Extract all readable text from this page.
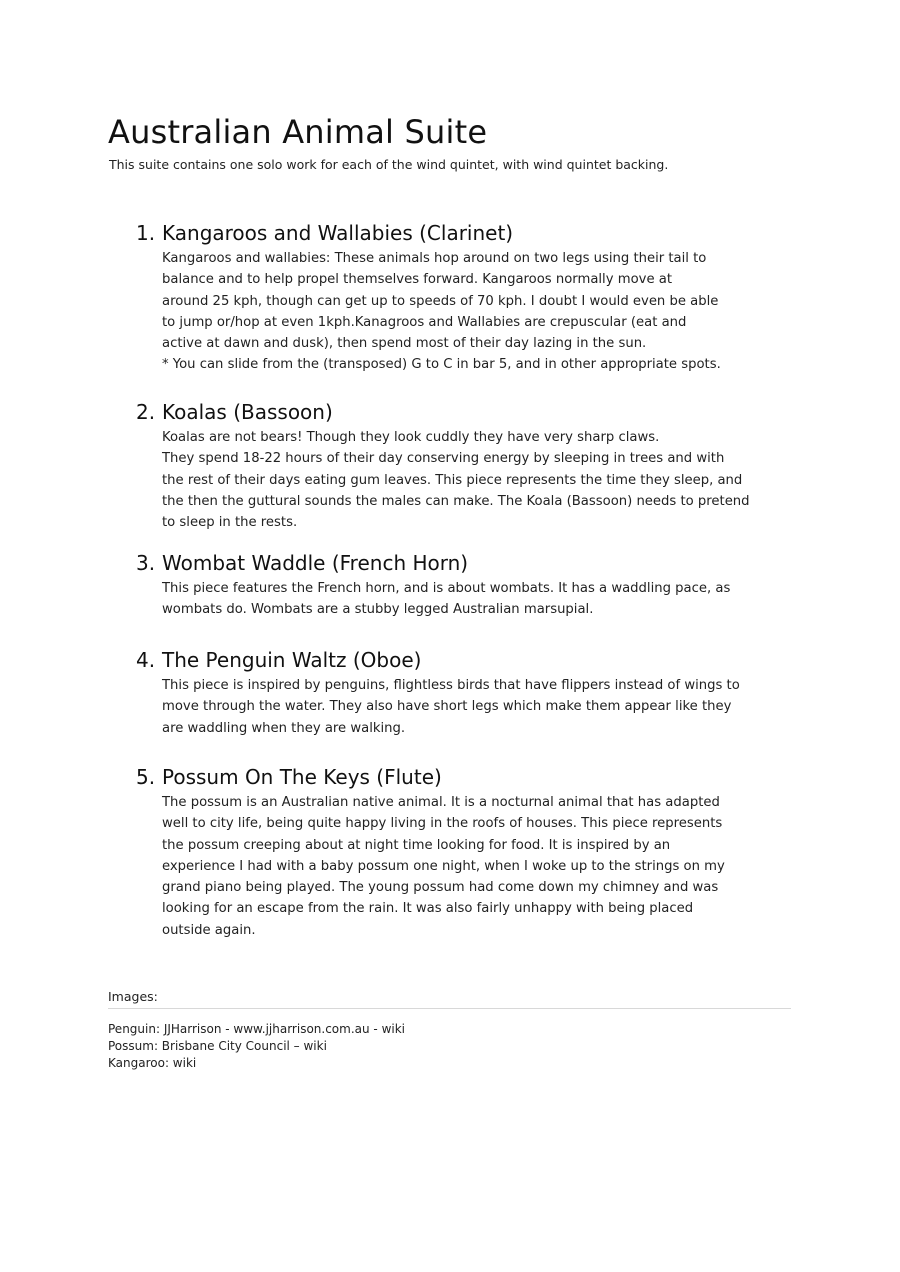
Australian Animal Suite

This suite contains one solo work for each of the wind quintet, with wind quintet backing.

1. Kangaroos and Wallabies (Clarinet)

Kangaroos and wallabies: These animals hop around on two legs using their tail to

balance and to help propel themselves forward. Kangaroos normally move at

around 25 kph, though can get up to speeds of 70 kph. I doubt I would even be able

to jump or/hop at even 1kph.Kanagroos and Wallabies are crepuscular (eat and

active at dawn and dusk), then spend most of their day lazing in the sun.

* You can slide from the (transposed) G to C in bar 5, and in other appropriate spots.

2. Koalas (Bassoon)

Koalas are not bears! Though they look cuddly they have very sharp claws.

They spend 18-22 hours of their day conserving energy by sleeping in trees and with

the rest of their days eating gum leaves. This piece represents the time they sleep, and

the then the guttural sounds the males can make. The Koala (Bassoon) needs to pretend

to sleep in the rests.

3. Wombat Waddle (French Horn)

This piece features the French horn, and is about wombats. It has a waddling pace, as

wombats do. Wombats are a stubby legged Australian marsupial.

4. The Penguin Waltz (Oboe)

This piece is inspired by penguins, flightless birds that have flippers instead of wings to

move through the water. They also have short legs which make them appear like they

are waddling when they are walking.

5. Possum On The Keys (Flute)

The possum is an Australian native animal. It is a nocturnal animal that has adapted

well to city life, being quite happy living in the roofs of houses. This piece represents

the possum creeping about at night time looking for food. It is inspired by an

experience I had with a baby possum one night, when I woke up to the strings on my

grand piano being played. The young possum had come down my chimney and was

looking for an escape from the rain. It was also fairly unhappy with being placed

outside again.

Images:

Penguin: JJHarrison - www.jjharrison.com.au - wiki
Possum: Brisbane City Council – wiki
Kangaroo: wiki
